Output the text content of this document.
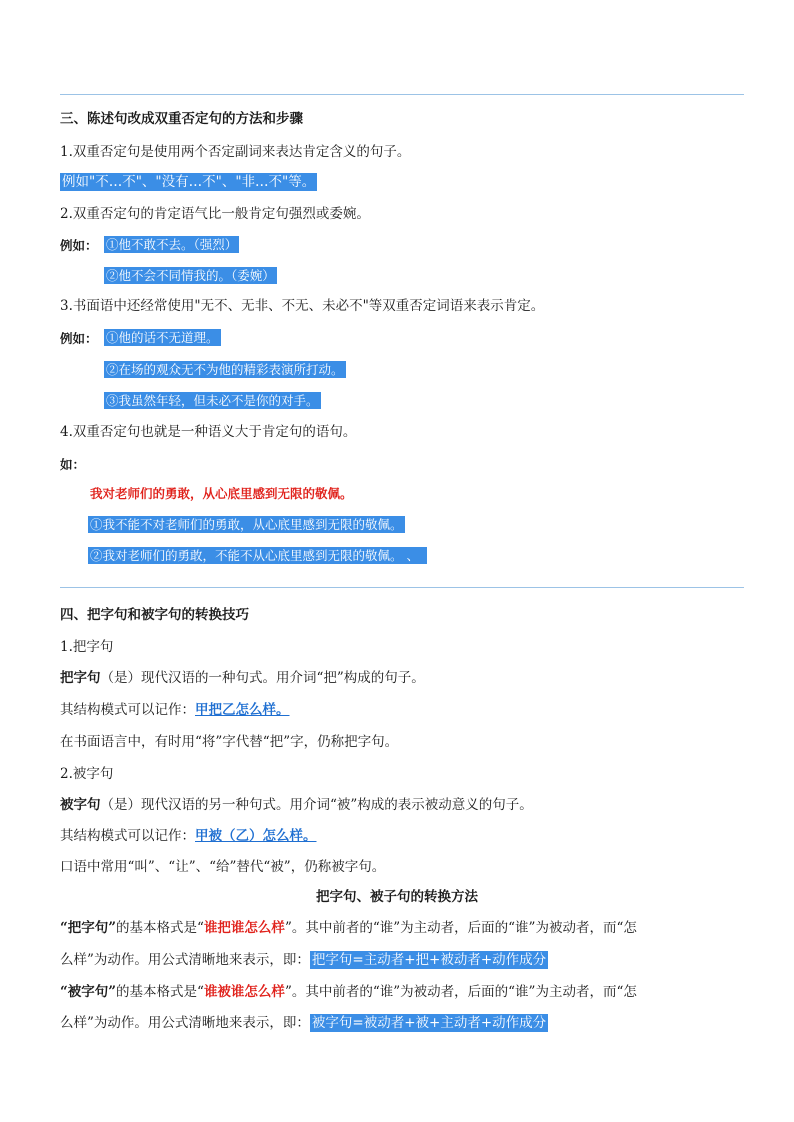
三、陈述句改成双重否定句的方法和步骤
1.双重否定句是使用两个否定副词来表达肯定含义的句子。
例如"不…不"、"没有…不"、"非…不"等。
2.双重否定句的肯定语气比一般肯定句强烈或委婉。
例如： ①他不敢不去。（强烈）
②他不会不同情我的。（委婉）
3.书面语中还经常使用"无不、无非、不无、未必不"等双重否定词语来表示肯定。
例如： ①他的话不无道理。
②在场的观众无不为他的精彩表演所打动。
③我虽然年轻，但未必不是你的对手。
4.双重否定句也就是一种语义大于肯定句的语句。
如：
我对老师们的勇敢，从心底里感到无限的敬佩。
①我不能不对老师们的勇敢，从心底里感到无限的敬佩。
②我对老师们的勇敢，不能不从心底里感到无限的敬佩。 、
四、把字句和被字句的转换技巧
1.把字句
把字句（是）现代汉语的一种句式。用介词“把”构成的句子。
其结构模式可以记作：甲把乙怎么样。
在书面语言中，有时用“将”字代替“把”字，仍称把字句。
2.被字句
被字句（是）现代汉语的另一种句式。用介词“被”构成的表示被动意义的句子。
其结构模式可以记作：甲被（乙）怎么样。
口语中常用“叫”、“让”、“给”替代“被”，仍称被字句。
把字句、被子句的转换方法
“把字句”的基本格式是“谁把谁怎么样”。其中前者的“谁”为主动者，后面的“谁”为被动者，而“怎
么样”为动作。用公式清晰地来表示，即： 把字句=主动者+把+被动者+动作成分
“被字句”的基本格式是“谁被谁怎么样”。其中前者的“谁”为被动者，后面的“谁”为主动者，而“怎
么样”为动作。用公式清晰地来表示，即： 被字句=被动者+被+主动者+动作成分
